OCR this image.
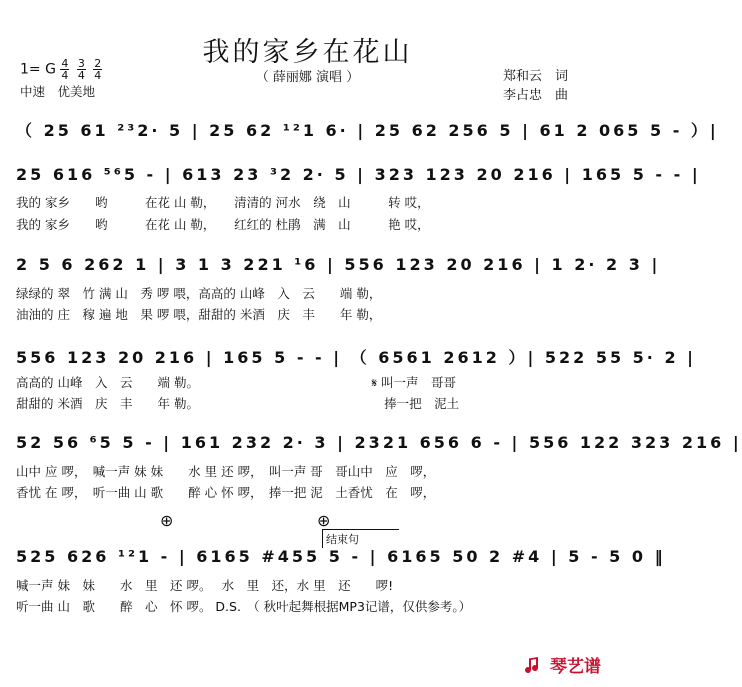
我的家乡在花山
（ 薛丽娜 演唱 ）	郑和云　词
李占忠　曲
1= G $\frac{4}{4}$
$\frac{3}{4}$
$\frac{2}{4}$
中速　优美地
（ 25 61 ²³2· 5 | 25 62 ¹²1 6· | 25 62 256 5 | 61 2 065 5 - ）|
25 616 ⁵⁶5 - | 613 23 ³2 2· 5 | 323 123 20 216 | 165 5 - - |
我的 家乡　　哟　　　在花 山 勒，　　清清的 河水　绕　山　　　转 哎，
我的 家乡　　哟　　　在花 山 勒，　　红红的 杜鹃　满　山　　　艳 哎，
2 5 6 262 1 | 3 1 3 221 ¹6 | 556 123 20 216 | 1 2· 2 3 |
绿绿的 翠　竹 满 山　秀 啰 喂，高高的 山峰　入　云　　端 勒，
油油的 庄　稼 遍 地　果 啰 喂，甜甜的 米酒　庆　丰　　年 勒，
556 123 20 216 | 165 5 - - | （ 6561 2612 ）| 522 55 5· 2 |
高高的 山峰　入　云　　端 勒。　　　　　　　　　　　　　　 𝄋 叫一声　哥哥
甜甜的 米酒　庆　丰　　年 勒。　　　　　　　　　　　　　　　 捧一把　泥土
52 56 ⁶5 5 - | 161 232 2· 3 | 2321 656 6 - | 556 122 323 216 |
山中 应 啰，　喊一声 妹 妹　　水 里 还 啰，　叫一声 哥　哥山中　应　啰，
香忧 在 啰，　听一曲 山 歌　　醉 心 怀 啰，　捧一把 泥　土香忧　在　啰，
⊕	⊕
结束句
525 626 ¹²1 - | 6165 #455 5 - | 6165 50 2 #4 | 5 - 5 0 ‖
喊一声 妹　妹　　水　里　还 啰。　 水　里　还，水 里　还　　啰!
听一曲 山　歌　　醉　心　怀 啰。 D.S.　（ 秋叶起舞根据MP3记谱，仅供参考。）
琴艺谱
